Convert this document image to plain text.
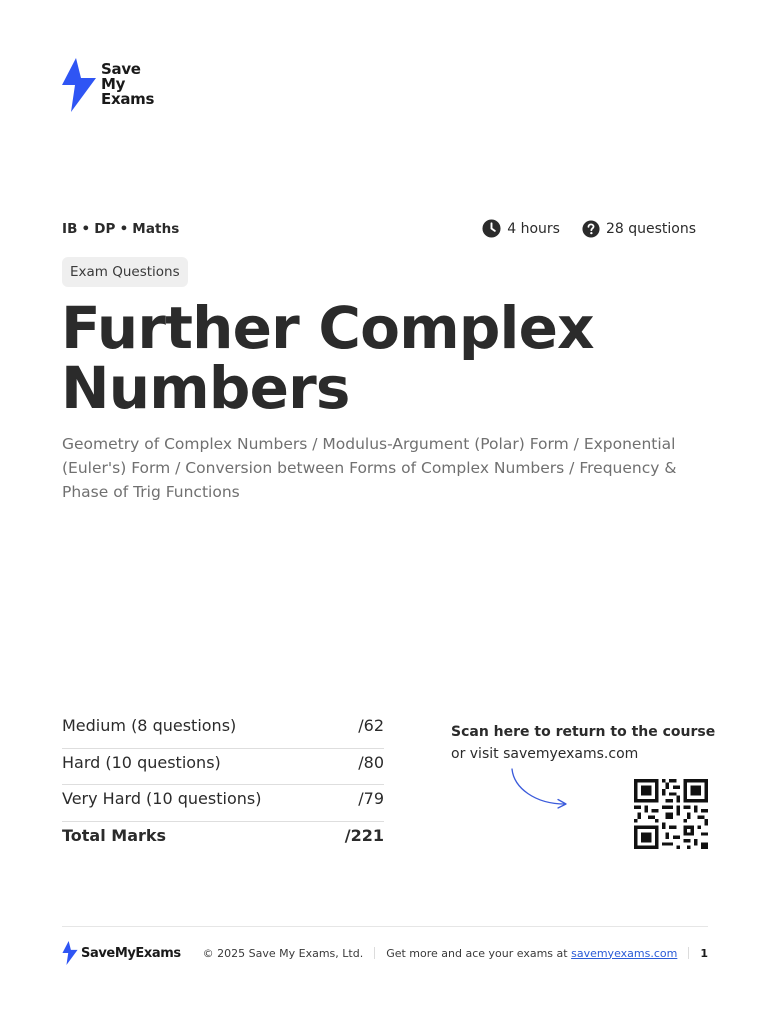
Save
My
Exams
IB • DP • Maths	4 hours	28 questions
Exam Questions
Further Complex Numbers

Geometry of Complex Numbers / Modulus-Argument (Polar) Form / Exponential (Euler's) Form / Conversion between Forms of Complex Numbers / Frequency & Phase of Trig Functions

Medium (8 questions)	/62
Hard (10 questions)	/80
Very Hard (10 questions)	/79
Total Marks	/221
Scan here to return to the course
or visit savemyexams.com
SaveMyExams © 2025 Save My Exams, Ltd. Get more and ace your exams at savemyexams.com 1
